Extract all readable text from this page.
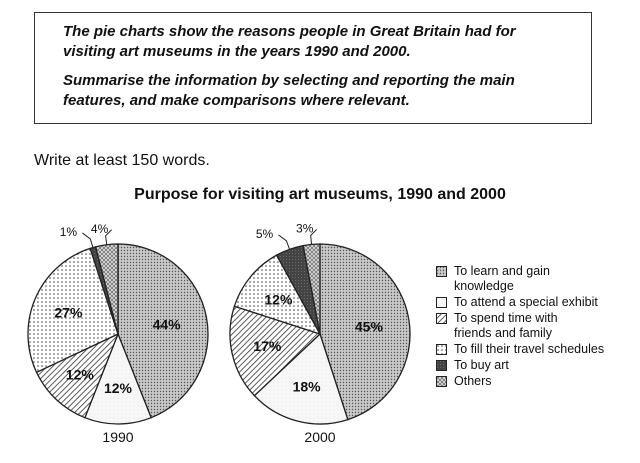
The pie charts show the reasons people in Great Britain had for visiting art museums in the years 1990 and 2000.

Summarise the information by selecting and reporting the main features, and make comparisons where relevant.

Write at least 150 words.
Purpose for visiting art museums, 1990 and 2000
44%
12%
12%
27%
1% 4%
1990
45%
18%
17%
12%
5% 3%
2000
To learn and gain
knowledge
To attend a special exhibit
To spend time with
friends and family
To fill their travel schedules
To buy art
Others
